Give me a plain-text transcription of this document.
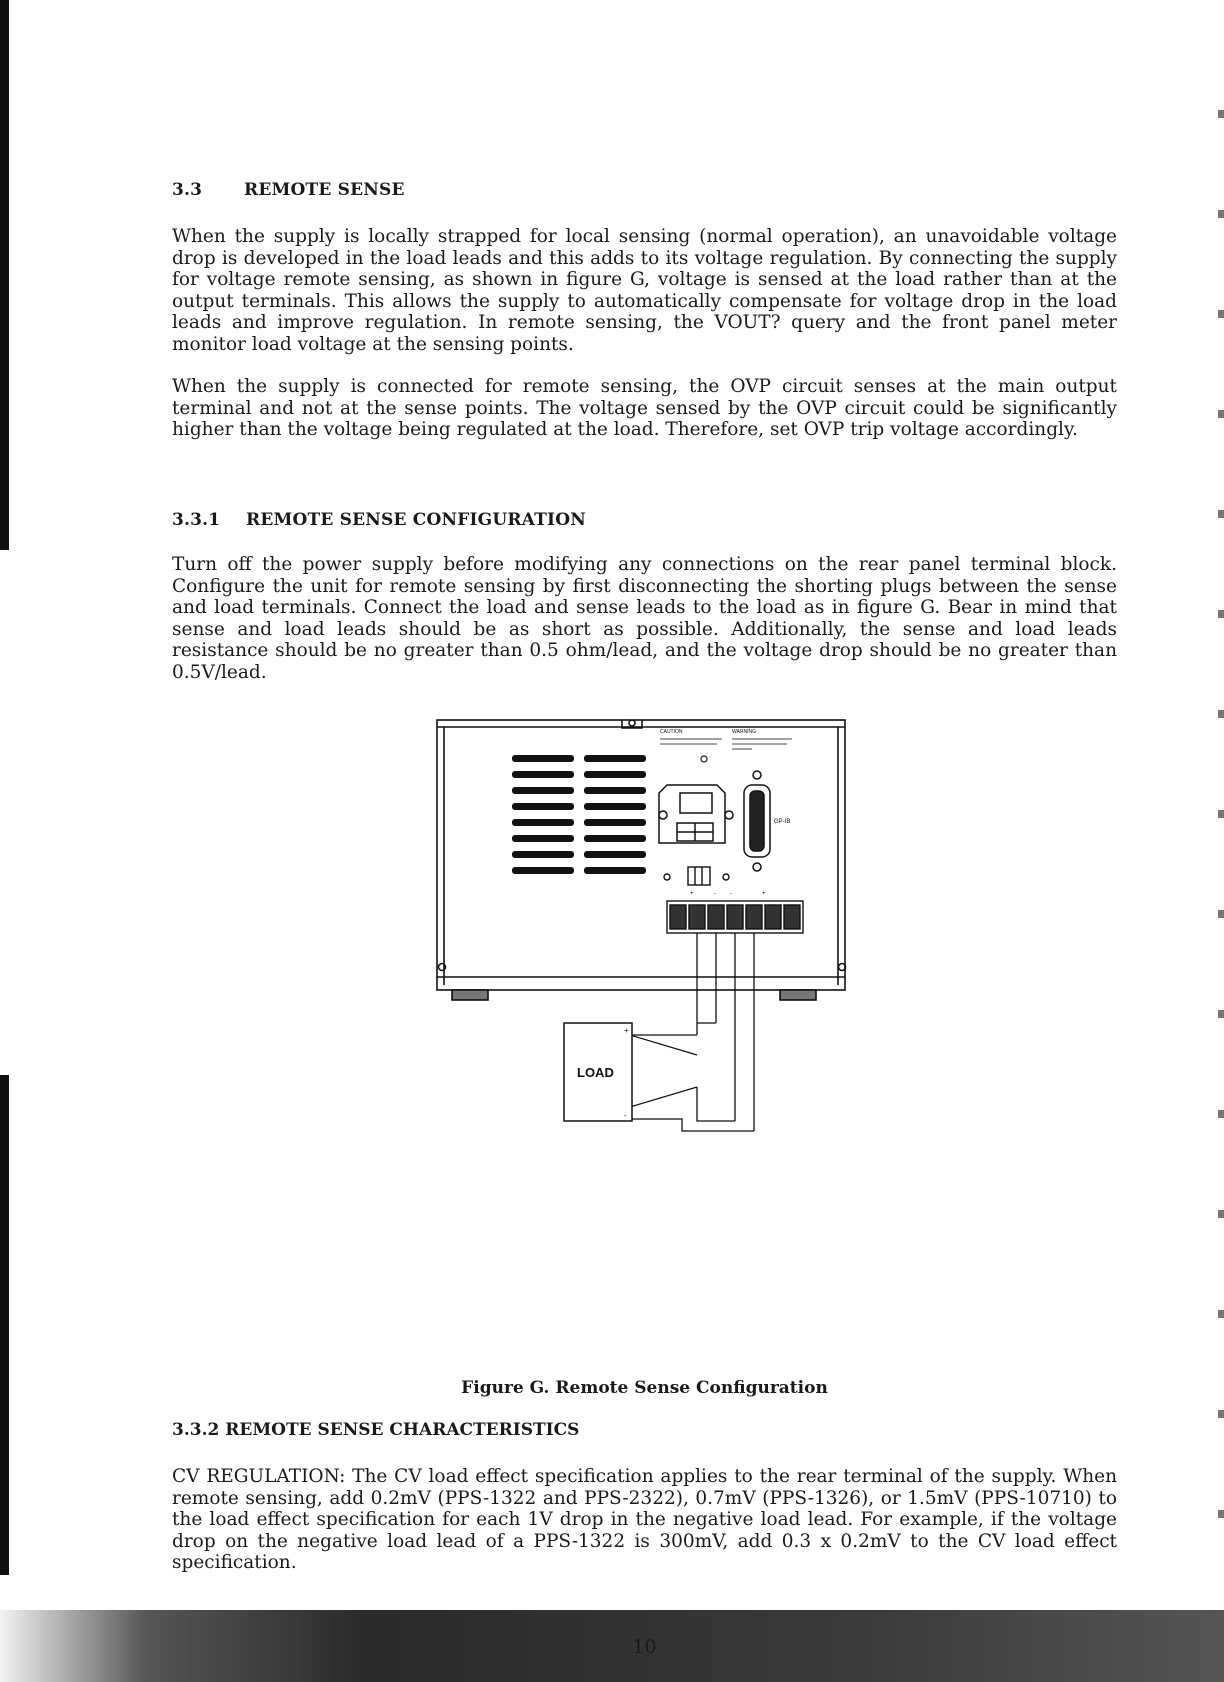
3.3 REMOTE SENSE

When the supply is locally strapped for local sensing (normal operation), an unavoidable voltage drop is developed in the load leads and this adds to its voltage regulation. By connecting the supply for voltage remote sensing, as shown in figure G, voltage is sensed at the load rather than at the output terminals. This allows the supply to automatically compensate for voltage drop in the load leads and improve regulation. In remote sensing, the VOUT? query and the front panel meter monitor load voltage at the sensing points.

When the supply is connected for remote sensing, the OVP circuit senses at the main output terminal and not at the sense points. The voltage sensed by the OVP circuit could be significantly higher than the voltage being regulated at the load. Therefore, set OVP trip voltage accordingly.

3.3.1 REMOTE SENSE CONFIGURATION

Turn off the power supply before modifying any connections on the rear panel terminal block. Configure the unit for remote sensing by first disconnecting the shorting plugs between the sense and load terminals. Connect the load and sense leads to the load as in figure G. Bear in mind that sense and load leads should be as short as possible. Additionally, the sense and load leads resistance should be no greater than 0.5 ohm/lead, and the voltage drop should be no greater than 0.5V/lead.

Figure G. Remote Sense Configuration
3.3.2 REMOTE SENSE CHARACTERISTICS

CV REGULATION: The CV load effect specification applies to the rear terminal of the supply. When remote sensing, add 0.2mV (PPS-1322 and PPS-2322), 0.7mV (PPS-1326), or 1.5mV (PPS-10710) to the load effect specification for each 1V drop in the negative load lead. For example, if the voltage drop on the negative load lead of a PPS-1322 is 300mV, add 0.3 x 0.2mV to the CV load effect specification.

10
CAUTION	WARNING
GP-IB
+	- -	+
+
-
LOAD
